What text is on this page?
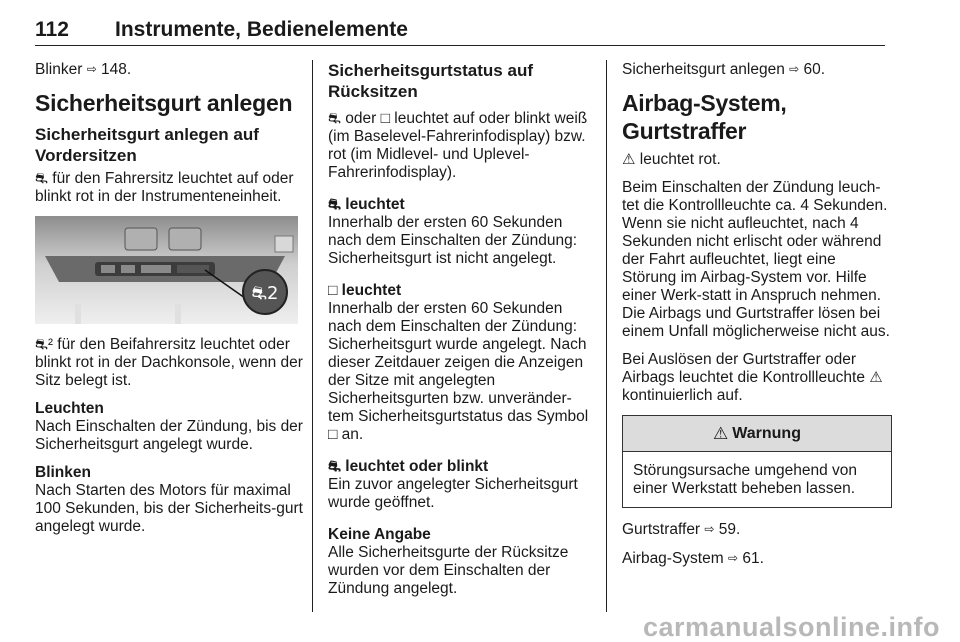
112 Instrumente, Bedienelemente

Blinker ⇨ 148.

Sicherheitsgurt anlegen
Sicherheitsgurt anlegen auf Vordersitzen

⛐ für den Fahrersitz leuchtet auf oder blinkt rot in der Instrumenteneinheit.

⛐2

⛐² für den Beifahrersitz leuchtet oder blinkt rot in der Dachkonsole, wenn der Sitz belegt ist.

Leuchten
Nach Einschalten der Zündung, bis der Sicherheitsgurt angelegt wurde.

Blinken
Nach Starten des Motors für maximal 100 Sekunden, bis der Sicherheits-gurt angelegt wurde.

Sicherheitsgurtstatus auf Rücksitzen

⛐ oder □ leuchtet auf oder blinkt weiß (im Baselevel-Fahrerinfodisplay) bzw. rot (im Midlevel- und Uplevel-Fahrerinfodisplay).

⛐ leuchtet
Innerhalb der ersten 60 Sekunden nach dem Einschalten der Zündung: Sicherheitsgurt ist nicht angelegt.

□ leuchtet
Innerhalb der ersten 60 Sekunden nach dem Einschalten der Zündung: Sicherheitsgurt wurde angelegt. Nach dieser Zeitdauer zeigen die Anzeigen der Sitze mit angelegten Sicherheitsgurten bzw. unveränder-tem Sicherheitsgurtstatus das Symbol □ an.

⛐ leuchtet oder blinkt
Ein zuvor angelegter Sicherheitsgurt wurde geöffnet.

Keine Angabe
Alle Sicherheitsgurte der Rücksitze wurden vor dem Einschalten der Zündung angelegt.

Sicherheitsgurt anlegen ⇨ 60.

Airbag-System, Gurtstraffer

⚠ leuchtet rot.

Beim Einschalten der Zündung leuch-tet die Kontrollleuchte ca. 4 Sekunden. Wenn sie nicht aufleuchtet, nach 4 Sekunden nicht erlischt oder während der Fahrt aufleuchtet, liegt eine Störung im Airbag-System vor. Hilfe einer Werk-statt in Anspruch nehmen. Die Airbags und Gurtstraffer lösen bei einem Unfall möglicherweise nicht aus.

Bei Auslösen der Gurtstraffer oder Airbags leuchtet die Kontrollleuchte ⚠ kontinuierlich auf.

⚠ Warnung
Störungsursache umgehend von einer Werkstatt beheben lassen.

Gurtstraffer ⇨ 59.

Airbag-System ⇨ 61.

carmanualsonline.info
